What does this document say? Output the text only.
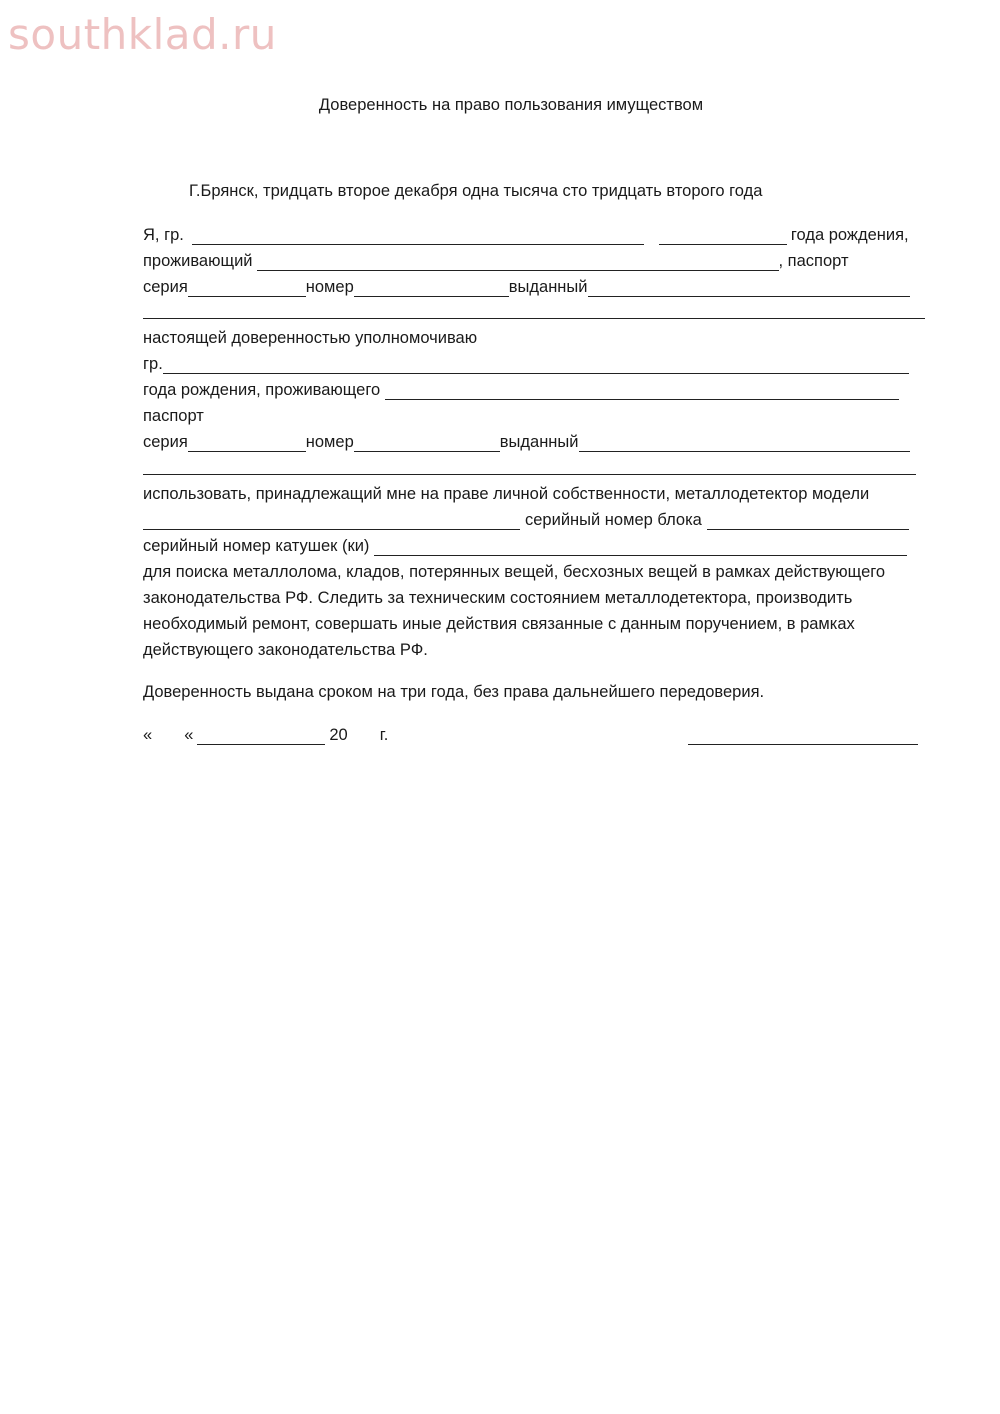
southklad.ru
Доверенность на право пользования имуществом
Г.Брянск, тридцать второе декабря одна тысяча сто тридцать второго года
Я, гр.	года рождения,
проживающий	, паспорт
серия	номер	выданный
настоящей доверенностью уполномочиваю
гр.
года рождения, проживающего
паспорт
серия	номер	выданный
использовать, принадлежащий мне на праве личной собственности, металлодетектор модели
серийный номер блока
серийный номер катушек (ки)
для поиска металлолома, кладов, потерянных вещей, бесхозных вещей в рамках действующего законодательства РФ. Следить за техническим состоянием металлодетектора, производить необходимый ремонт, совершать иные действия связанные с данным поручением, в рамках действующего законодательства РФ.
Доверенность выдана сроком на три года, без права дальнейшего передоверия.
« «	20 г.
